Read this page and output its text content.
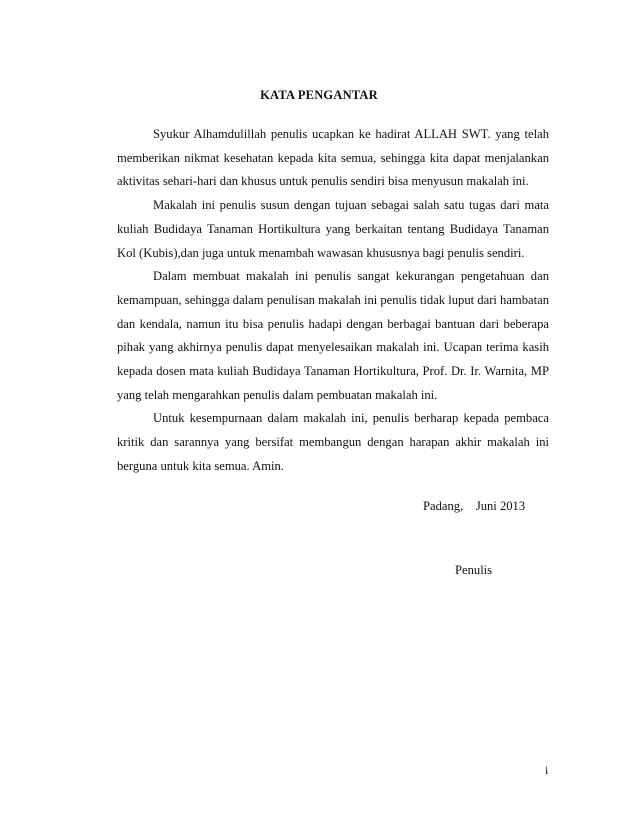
KATA PENGANTAR

Syukur Alhamdulillah penulis ucapkan ke hadirat ALLAH SWT. yang telah memberikan nikmat kesehatan kepada kita semua, sehingga kita dapat menjalankan aktivitas sehari-hari dan khusus untuk penulis sendiri bisa menyusun makalah ini.

Makalah ini penulis susun dengan tujuan sebagai salah satu tugas dari mata kuliah Budidaya Tanaman Hortikultura yang berkaitan tentang Budidaya Tanaman Kol (Kubis),dan juga untuk menambah wawasan khususnya bagi penulis sendiri.

Dalam membuat makalah ini penulis sangat kekurangan pengetahuan dan kemampuan, sehingga dalam penulisan makalah ini penulis tidak luput dari hambatan dan kendala, namun itu bisa penulis hadapi dengan berbagai bantuan dari beberapa pihak yang akhirnya penulis dapat menyelesaikan makalah ini. Ucapan terima kasih kepada dosen mata kuliah Budidaya Tanaman Hortikultura, Prof. Dr. Ir. Warnita, MP yang telah mengarahkan penulis dalam pembuatan makalah ini.

Untuk kesempurnaan dalam makalah ini, penulis berharap kepada pembaca kritik dan sarannya yang bersifat membangun dengan harapan akhir makalah ini berguna untuk kita semua. Amin.

Padang,    Juni 2013
Penulis
i
